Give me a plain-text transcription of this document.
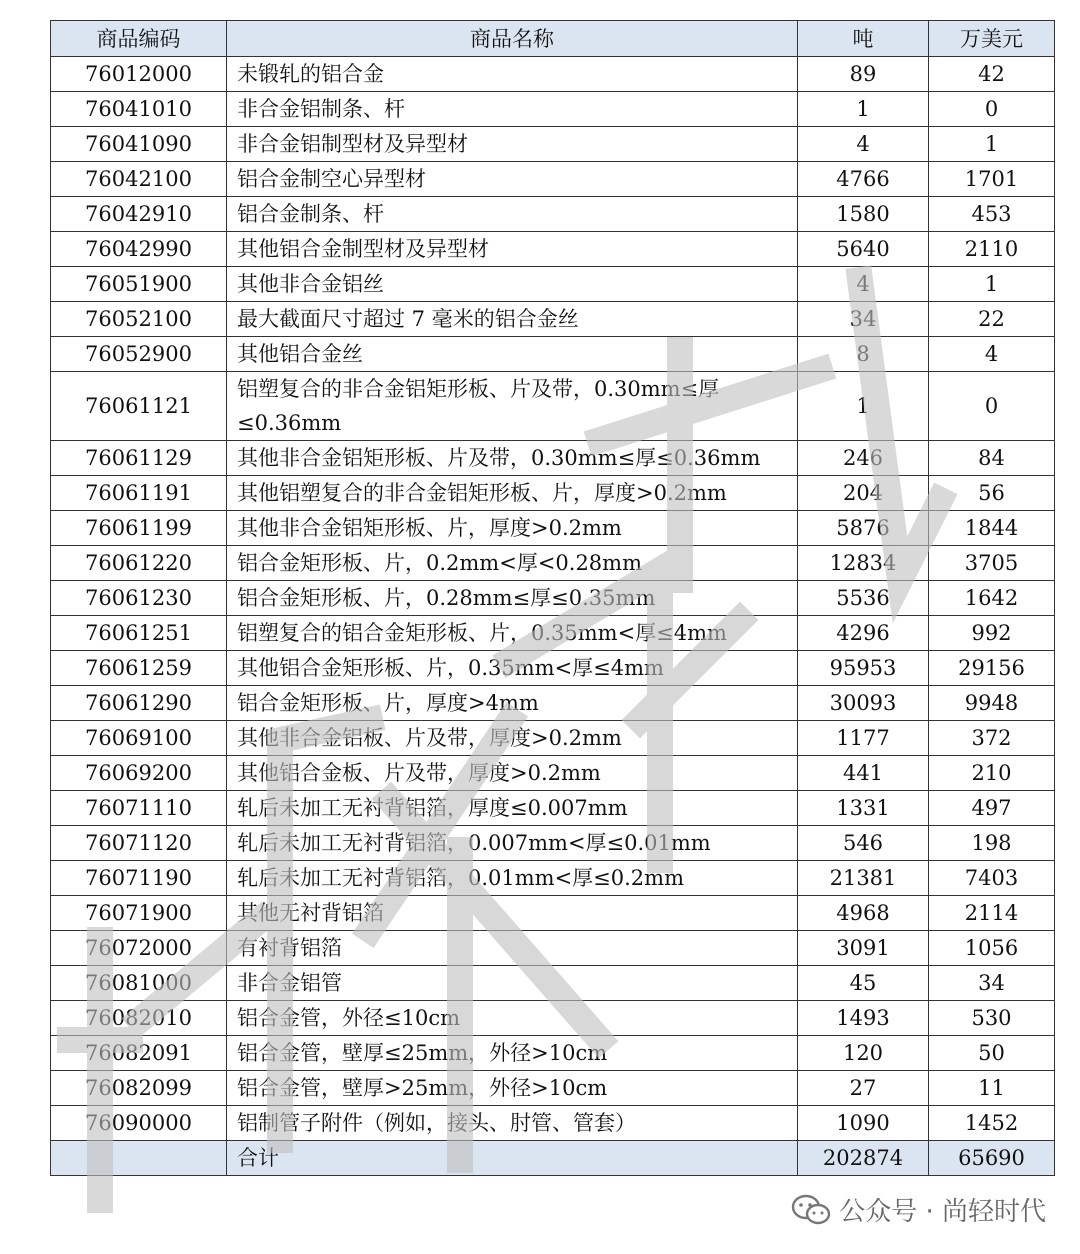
商品编码	商品名称	吨	万美元
76012000	未锻轧的铝合金	89	42
76041010	非合金铝制条、杆	1	0
76041090	非合金铝制型材及异型材	4	1
76042100	铝合金制空心异型材	4766	1701
76042910	铝合金制条、杆	1580	453
76042990	其他铝合金制型材及异型材	5640	2110
76051900	其他非合金铝丝	4	1
76052100	最大截面尺寸超过 7 毫米的铝合金丝	34	22
76052900	其他铝合金丝	8	4
76061121	铝塑复合的非合金铝矩形板、片及带，0.30mm≤厚≤0.36mm	1	0
76061129	其他非合金铝矩形板、片及带，0.30mm≤厚≤0.36mm	246	84
76061191	其他铝塑复合的非合金铝矩形板、片，厚度>0.2mm	204	56
76061199	其他非合金铝矩形板、片，厚度>0.2mm	5876	1844
76061220	铝合金矩形板、片，0.2mm<厚<0.28mm	12834	3705
76061230	铝合金矩形板、片，0.28mm≤厚≤0.35mm	5536	1642
76061251	铝塑复合的铝合金矩形板、片，0.35mm<厚≤4mm	4296	992
76061259	其他铝合金矩形板、片，0.35mm<厚≤4mm	95953	29156
76061290	铝合金矩形板、片，厚度>4mm	30093	9948
76069100	其他非合金铝板、片及带，厚度>0.2mm	1177	372
76069200	其他铝合金板、片及带，厚度>0.2mm	441	210
76071110	轧后未加工无衬背铝箔，厚度≤0.007mm	1331	497
76071120	轧后未加工无衬背铝箔，0.007mm<厚≤0.01mm	546	198
76071190	轧后未加工无衬背铝箔，0.01mm<厚≤0.2mm	21381	7403
76071900	其他无衬背铝箔	4968	2114
76072000	有衬背铝箔	3091	1056
76081000	非合金铝管	45	34
76082010	铝合金管，外径≤10cm	1493	530
76082091	铝合金管，壁厚≤25mm，外径>10cm	120	50
76082099	铝合金管，壁厚>25mm，外径>10cm	27	11
76090000	铝制管子附件（例如，接头、肘管、管套）	1090	1452
	合计	202874	65690
公众号 · 尚轻时代
